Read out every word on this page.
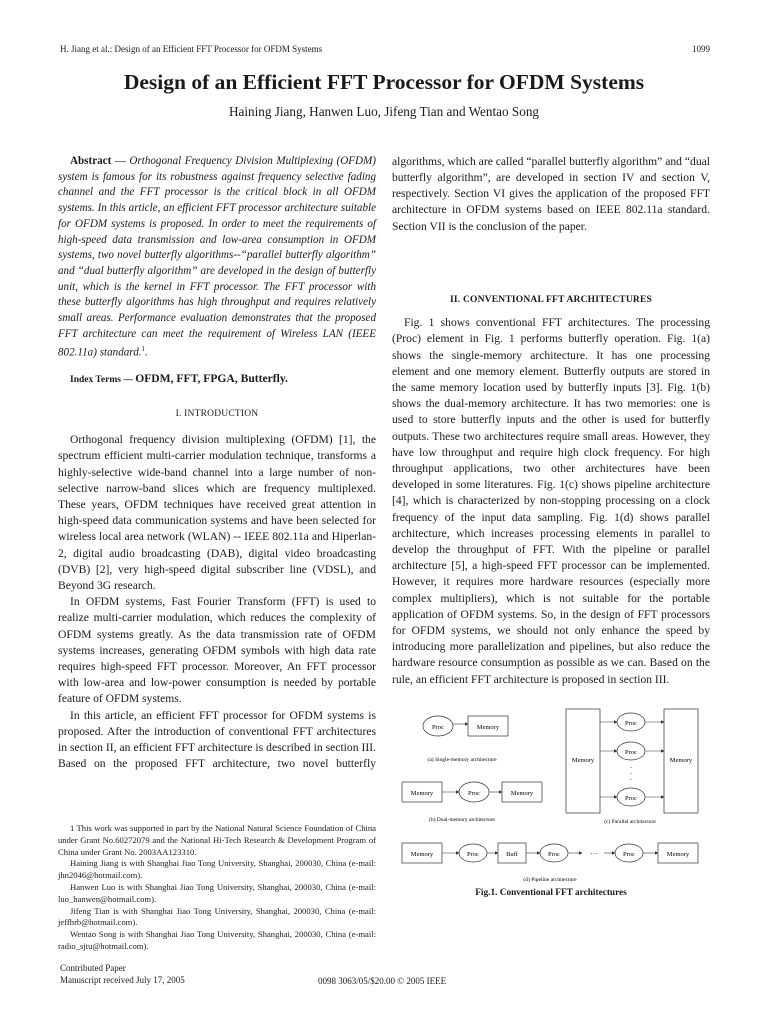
H. Jiang et al.: Design of an Efficient FFT Processor for OFDM Systems	1099
Design of an Efficient FFT Processor for OFDM Systems
Haining Jiang, Hanwen Luo, Jifeng Tian and Wentao Song
Abstract — Orthogonal Frequency Division Multiplexing (OFDM) system is famous for its robustness against frequency selective fading channel and the FFT processor is the critical block in all OFDM systems. In this article, an efficient FFT processor architecture suitable for OFDM systems is proposed. In order to meet the requirements of high-speed data transmission and low-area consumption in OFDM systems, two novel butterfly algorithms--“parallel butterfly algorithm” and “dual butterfly algorithm” are developed in the design of butterfly unit, which is the kernel in FFT processor. The FFT processor with these butterfly algorithms has high throughput and requires relatively small areas. Performance evaluation demonstrates that the proposed FFT architecture can meet the requirement of Wireless LAN (IEEE 802.11a) standard.$^1$.
Index Terms — OFDM, FFT, FPGA, Butterfly.
I. INTRODUCTION

Orthogonal frequency division multiplexing (OFDM) [1], the spectrum efficient multi-carrier modulation technique, transforms a highly-selective wide-band channel into a large number of non-selective narrow-band slices which are frequency multiplexed. These years, OFDM techniques have received great attention in high-speed data communication systems and have been selected for wireless local area network (WLAN) -- IEEE 802.11a and Hiperlan-2, digital audio broadcasting (DAB), digital video broadcasting (DVB) [2], very high-speed digital subscriber line (VDSL), and Beyond 3G research.

In OFDM systems, Fast Fourier Transform (FFT) is used to realize multi-carrier modulation, which reduces the complexity of OFDM systems greatly. As the data transmission rate of OFDM systems increases, generating OFDM symbols with high data rate requires high-speed FFT processor. Moreover, An FFT processor with low-area and low-power consumption is needed by portable feature of OFDM systems.

In this article, an efficient FFT processor for OFDM systems is proposed. After the introduction of conventional FFT architectures in section II, an efficient FFT architecture is described in section III. Based on the proposed FFT architecture, two novel butterfly

algorithms, which are called “parallel butterfly algorithm” and “dual butterfly algorithm”, are developed in section IV and section V, respectively. Section VI gives the application of the proposed FFT architecture in OFDM systems based on IEEE 802.11a standard. Section VII is the conclusion of the paper.

II. CONVENTIONAL FFT ARCHITECTURES

Fig. 1 shows conventional FFT architectures. The processing (Proc) element in Fig. 1 performs butterfly operation. Fig. 1(a) shows the single-memory architecture. It has one processing element and one memory element. Butterfly outputs are stored in the same memory location used by butterfly inputs [3]. Fig. 1(b) shows the dual-memory architecture. It has two memories: one is used to store butterfly inputs and the other is used for butterfly outputs. These two architectures require small areas. However, they have low throughput and require high clock frequency. For high throughput applications, two other architectures have been developed in some literatures. Fig. 1(c) shows pipeline architecture [4], which is characterized by non-stopping processing on a clock frequency of the input data sampling. Fig. 1(d) shows parallel architecture, which increases processing elements in parallel to develop the throughput of FFT. With the pipeline or parallel architecture [5], a high-speed FFT processor can be implemented. However, it requires more hardware resources (especially more complex multipliers), which is not suitable for the portable application of OFDM systems. So, in the design of FFT processors for OFDM systems, we should not only enhance the speed by introducing more parallelization and pipelines, but also reduce the hardware resource consumption as possible as we can. Based on the rule, an efficient FFT architecture is proposed in section III.

Proc	Memory
(a) Single-memory architecture
Memory	Proc	Memory
(b) Dual-memory architecture
Memory	Memory
Proc
Proc
Proc
·
·
·
(c) Parallel architecture
Memory	Proc	Buff	Proc	···	Proc	Memory
(d) Pipeline architecture
Fig.1. Conventional FFT architectures

1 This work was supported in part by the National Natural Science Foundation of China under Grant No.60272079 and the National Hi-Tech Research & Development Program of China under Grant No. 2003AA123310.

Haining Jiang is with Shanghai Jiao Tong University, Shanghai, 200030, China (e-mail: jhn2046@hotmail.com).

Hanwen Luo is with Shanghai Jiao Tong University, Shanghai, 200030, China (e-mail: luo_hanwen@hotmail.com).

Jifeng Tian is with Shanghai Jiao Tong University, Shanghai, 200030, China (e-mail: jeffhrb@hotmail.com).

Wentao Song is with Shanghai Jiao Tong University, Shanghai, 200030, China (e-mail: radio_sjtu@hotmail.com).

Contributed Paper
Manuscript received July 17, 2005	0098 3063/05/$20.00 © 2005 IEEE
